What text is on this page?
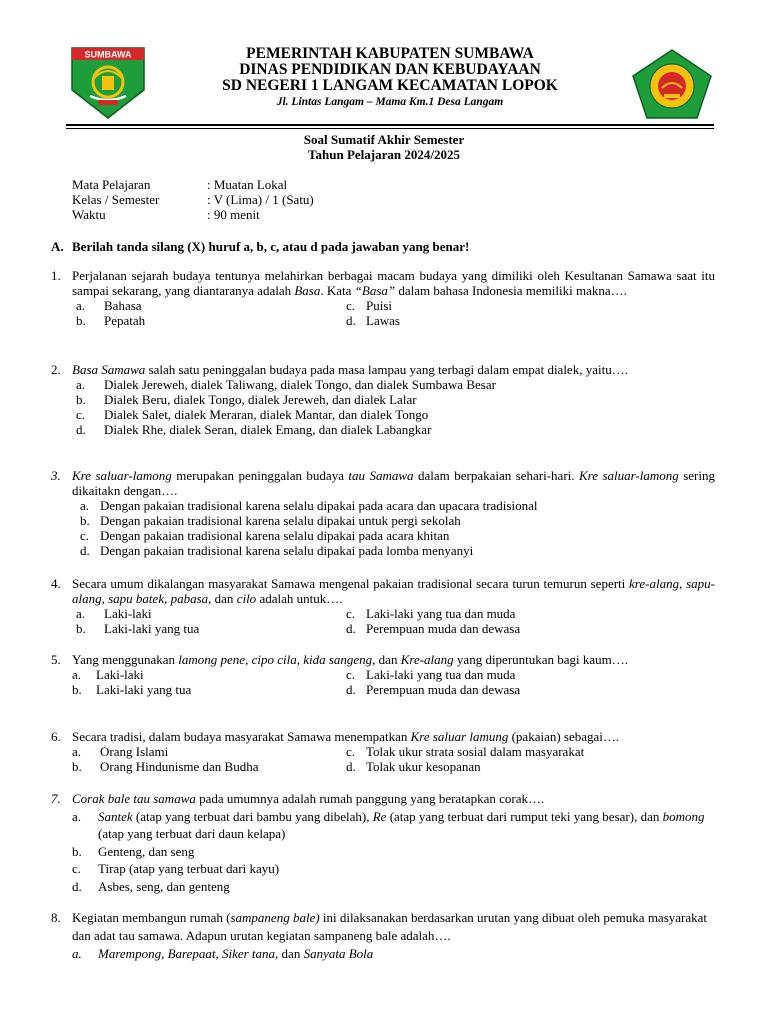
SUMBAWA	PEMERINTAH KABUPATEN SUMBAWA
DINAS PENDIDIKAN DAN KEBUDAYAAN
SD NEGERI 1 LANGAM KECAMATAN LOPOK
Jl. Lintas Langam – Mama Km.1 Desa Langam
Soal Sumatif Akhir Semester
Tahun Pelajaran 2024/2025
Mata Pelajaran	: Muatan Lokal
Kelas / Semester	: V (Lima) / 1 (Satu)
Waktu	: 90 menit
A. Berilah tanda silang (X) huruf a, b, c, atau d pada jawaban yang benar!
1. Perjalanan sejarah budaya tentunya melahirkan berbagai macam budaya yang dimiliki oleh Kesultanan Samawa saat itu sampai sekarang, yang diantaranya adalah Basa. Kata “Basa” dalam bahasa Indonesia memiliki makna….
a.	Bahasa	c. Puisi
b.	Pepatah	d. Lawas
2. Basa Samawa salah satu peninggalan budaya pada masa lampau yang terbagi dalam empat dialek, yaitu….
a.	Dialek Jereweh, dialek Taliwang, dialek Tongo, dan dialek Sumbawa Besar
b.	Dialek Beru, dialek Tongo, dialek Jereweh, dan dialek Lalar
c.	Dialek Salet, dialek Meraran, dialek Mantar, dan dialek Tongo
d.	Dialek Rhe, dialek Seran, dialek Emang, dan dialek Labangkar
3. Kre saluar-lamong merupakan peninggalan budaya tau Samawa dalam berpakaian sehari-hari. Kre saluar-lamong sering dikaitakn dengan….
a. Dengan pakaian tradisional karena selalu dipakai pada acara dan upacara tradisional
b. Dengan pakaian tradisional karena selalu dipakai untuk pergi sekolah
c. Dengan pakaian tradisional karena selalu dipakai pada acara khitan
d. Dengan pakaian tradisional karena selalu dipakai pada lomba menyanyi
4. Secara umum dikalangan masyarakat Samawa mengenal pakaian tradisional secara turun temurun seperti kre-alang, sapu-alang, sapu batek, pabasa, dan cilo adalah untuk….
a.	Laki-laki	c. Laki-laki yang tua dan muda
b.	Laki-laki yang tua	d. Perempuan muda dan dewasa
5. Yang menggunakan lamong pene, cipo cila, kida sangeng, dan Kre-alang yang diperuntukan bagi kaum….
a.	Laki-laki	c. Laki-laki yang tua dan muda
b.	Laki-laki yang tua	d. Perempuan muda dan dewasa
6. Secara tradisi, dalam budaya masyarakat Samawa menempatkan Kre saluar lamung (pakaian) sebagai….
a.	Orang Islami	c. Tolak ukur strata sosial dalam masyarakat
b.	Orang Hindunisme dan Budha	d. Tolak ukur kesopanan
7. Corak bale tau samawa pada umumnya adalah rumah panggung yang beratapkan corak….
a.	Santek (atap yang terbuat dari bambu yang dibelah), Re (atap yang terbuat dari rumput teki yang besar), dan bomong (atap yang terbuat dari daun kelapa)
b.	Genteng, dan seng
c.	Tirap (atap yang terbuat dari kayu)
d.	Asbes, seng, dan genteng
8. Kegiatan membangun rumah (sampaneng bale) ini dilaksanakan berdasarkan urutan yang dibuat oleh pemuka masyarakat dan adat tau samawa. Adapun urutan kegiatan sampaneng bale adalah….
a.	Marempong, Barepaat, Siker tana, dan Sanyata Bola
